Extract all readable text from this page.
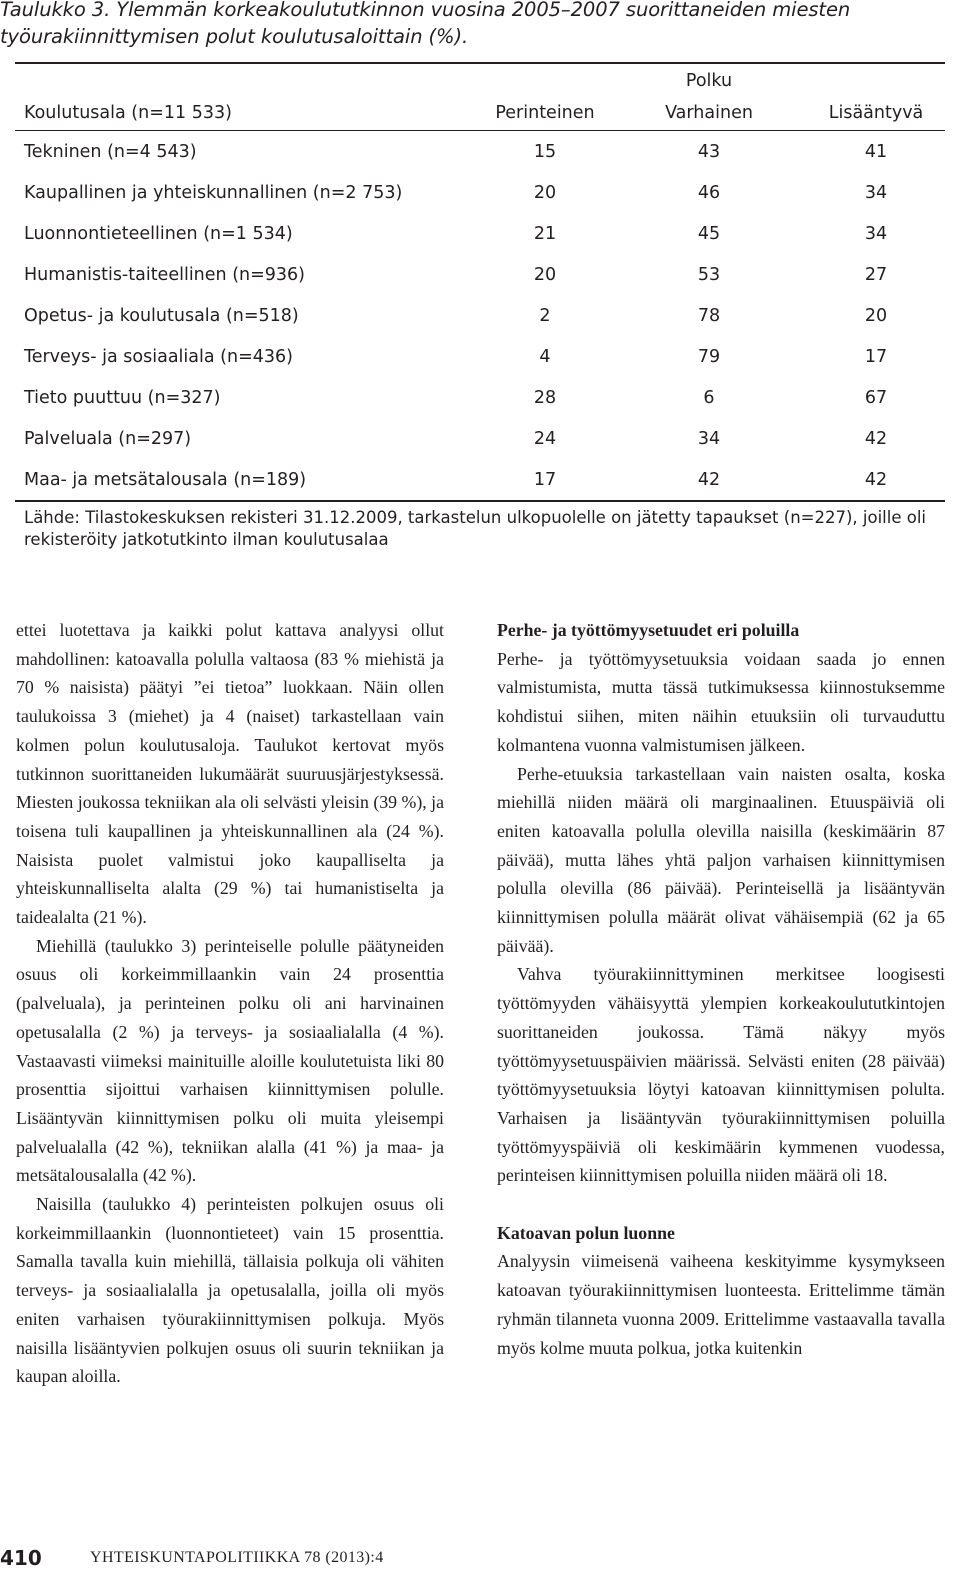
Taulukko 3. Ylemmän korkeakoulututkinnon vuosina 2005–2007 suorittaneiden miesten työurakiinnittymisen polut koulutusaloittain (%).
Polku
Koulutusala (n=11 533)	Perinteinen	Varhainen	Lisääntyvä
Tekninen (n=4 543)	15	43	41
Kaupallinen ja yhteiskunnallinen (n=2 753)	20	46	34
Luonnontieteellinen (n=1 534)	21	45	34
Humanistis-taiteellinen (n=936)	20	53	27
Opetus- ja koulutusala (n=518)	2	78	20
Terveys- ja sosiaaliala (n=436)	4	79	17
Tieto puuttuu (n=327)	28	6	67
Palveluala (n=297)	24	34	42
Maa- ja metsätalousala (n=189)	17	42	42
Lähde: Tilastokeskuksen rekisteri 31.12.2009, tarkastelun ulkopuolelle on jätetty tapaukset (n=227), joille oli rekisteröity jatkotutkinto ilman koulutusalaa

ettei luotettava ja kaikki polut kattava analyysi ollut mahdollinen: katoavalla polulla valtaosa (83 % miehistä ja 70 % naisista) päätyi ”ei tietoa” luokkaan. Näin ollen taulukoissa 3 (miehet) ja 4 (naiset) tarkastellaan vain kolmen polun koulutusaloja. Taulukot kertovat myös tutkinnon suorittaneiden lukumäärät suuruusjärjestyksessä. Miesten joukossa tekniikan ala oli selvästi yleisin (39 %), ja toisena tuli kaupallinen ja yhteiskunnallinen ala (24 %). Naisista puolet valmistui joko kaupalliselta ja yhteiskunnalliselta alalta (29 %) tai humanistiselta ja taidealalta (21 %).

Miehillä (taulukko 3) perinteiselle polulle päätyneiden osuus oli korkeimmillaankin vain 24 prosenttia (palveluala), ja perinteinen polku oli ani harvinainen opetusalalla (2 %) ja terveys- ja sosiaalialalla (4 %). Vastaavasti viimeksi mainituille aloille koulutetuista liki 80 prosenttia sijoittui varhaisen kiinnittymisen polulle. Lisääntyvän kiinnittymisen polku oli muita yleisempi palvelualalla (42 %), tekniikan alalla (41 %) ja maa- ja metsätalousalalla (42 %).

Naisilla (taulukko 4) perinteisten polkujen osuus oli korkeimmillaankin (luonnontieteet) vain 15 prosenttia. Samalla tavalla kuin miehillä, tällaisia polkuja oli vähiten terveys- ja sosiaalialalla ja opetusalalla, joilla oli myös eniten varhaisen työurakiinnittymisen polkuja. Myös naisilla lisääntyvien polkujen osuus oli suurin tekniikan ja kaupan aloilla.

Perhe- ja työttömyysetuudet eri poluilla

Perhe- ja työttömyysetuuksia voidaan saada jo ennen valmistumista, mutta tässä tutkimuksessa kiinnostuksemme kohdistui siihen, miten näihin etuuksiin oli turvauduttu kolmantena vuonna valmistumisen jälkeen.

Perhe-etuuksia tarkastellaan vain naisten osalta, koska miehillä niiden määrä oli marginaalinen. Etuuspäiviä oli eniten katoavalla polulla olevilla naisilla (keskimäärin 87 päivää), mutta lähes yhtä paljon varhaisen kiinnittymisen polulla olevilla (86 päivää). Perinteisellä ja lisääntyvän kiinnittymisen polulla määrät olivat vähäisempiä (62 ja 65 päivää).

Vahva työurakiinnittyminen merkitsee loogisesti työttömyyden vähäisyyttä ylempien korkeakoulututkintojen suorittaneiden joukossa. Tämä näkyy myös työttömyysetuuspäivien määrissä. Selvästi eniten (28 päivää) työttömyysetuuksia löytyi katoavan kiinnittymisen polulta. Varhaisen ja lisääntyvän työurakiinnittymisen poluilla työttömyyspäiviä oli keskimäärin kymmenen vuodessa, perinteisen kiinnittymisen poluilla niiden määrä oli 18.

Katoavan polun luonne

Analyysin viimeisenä vaiheena keskityimme kysymykseen katoavan työurakiinnittymisen luonteesta. Erittelimme tämän ryhmän tilanneta vuonna 2009. Erittelimme vastaavalla tavalla myös kolme muuta polkua, jotka kuitenkin

410	YHTEISKUNTAPOLITIIKKA 78 (2013):4
